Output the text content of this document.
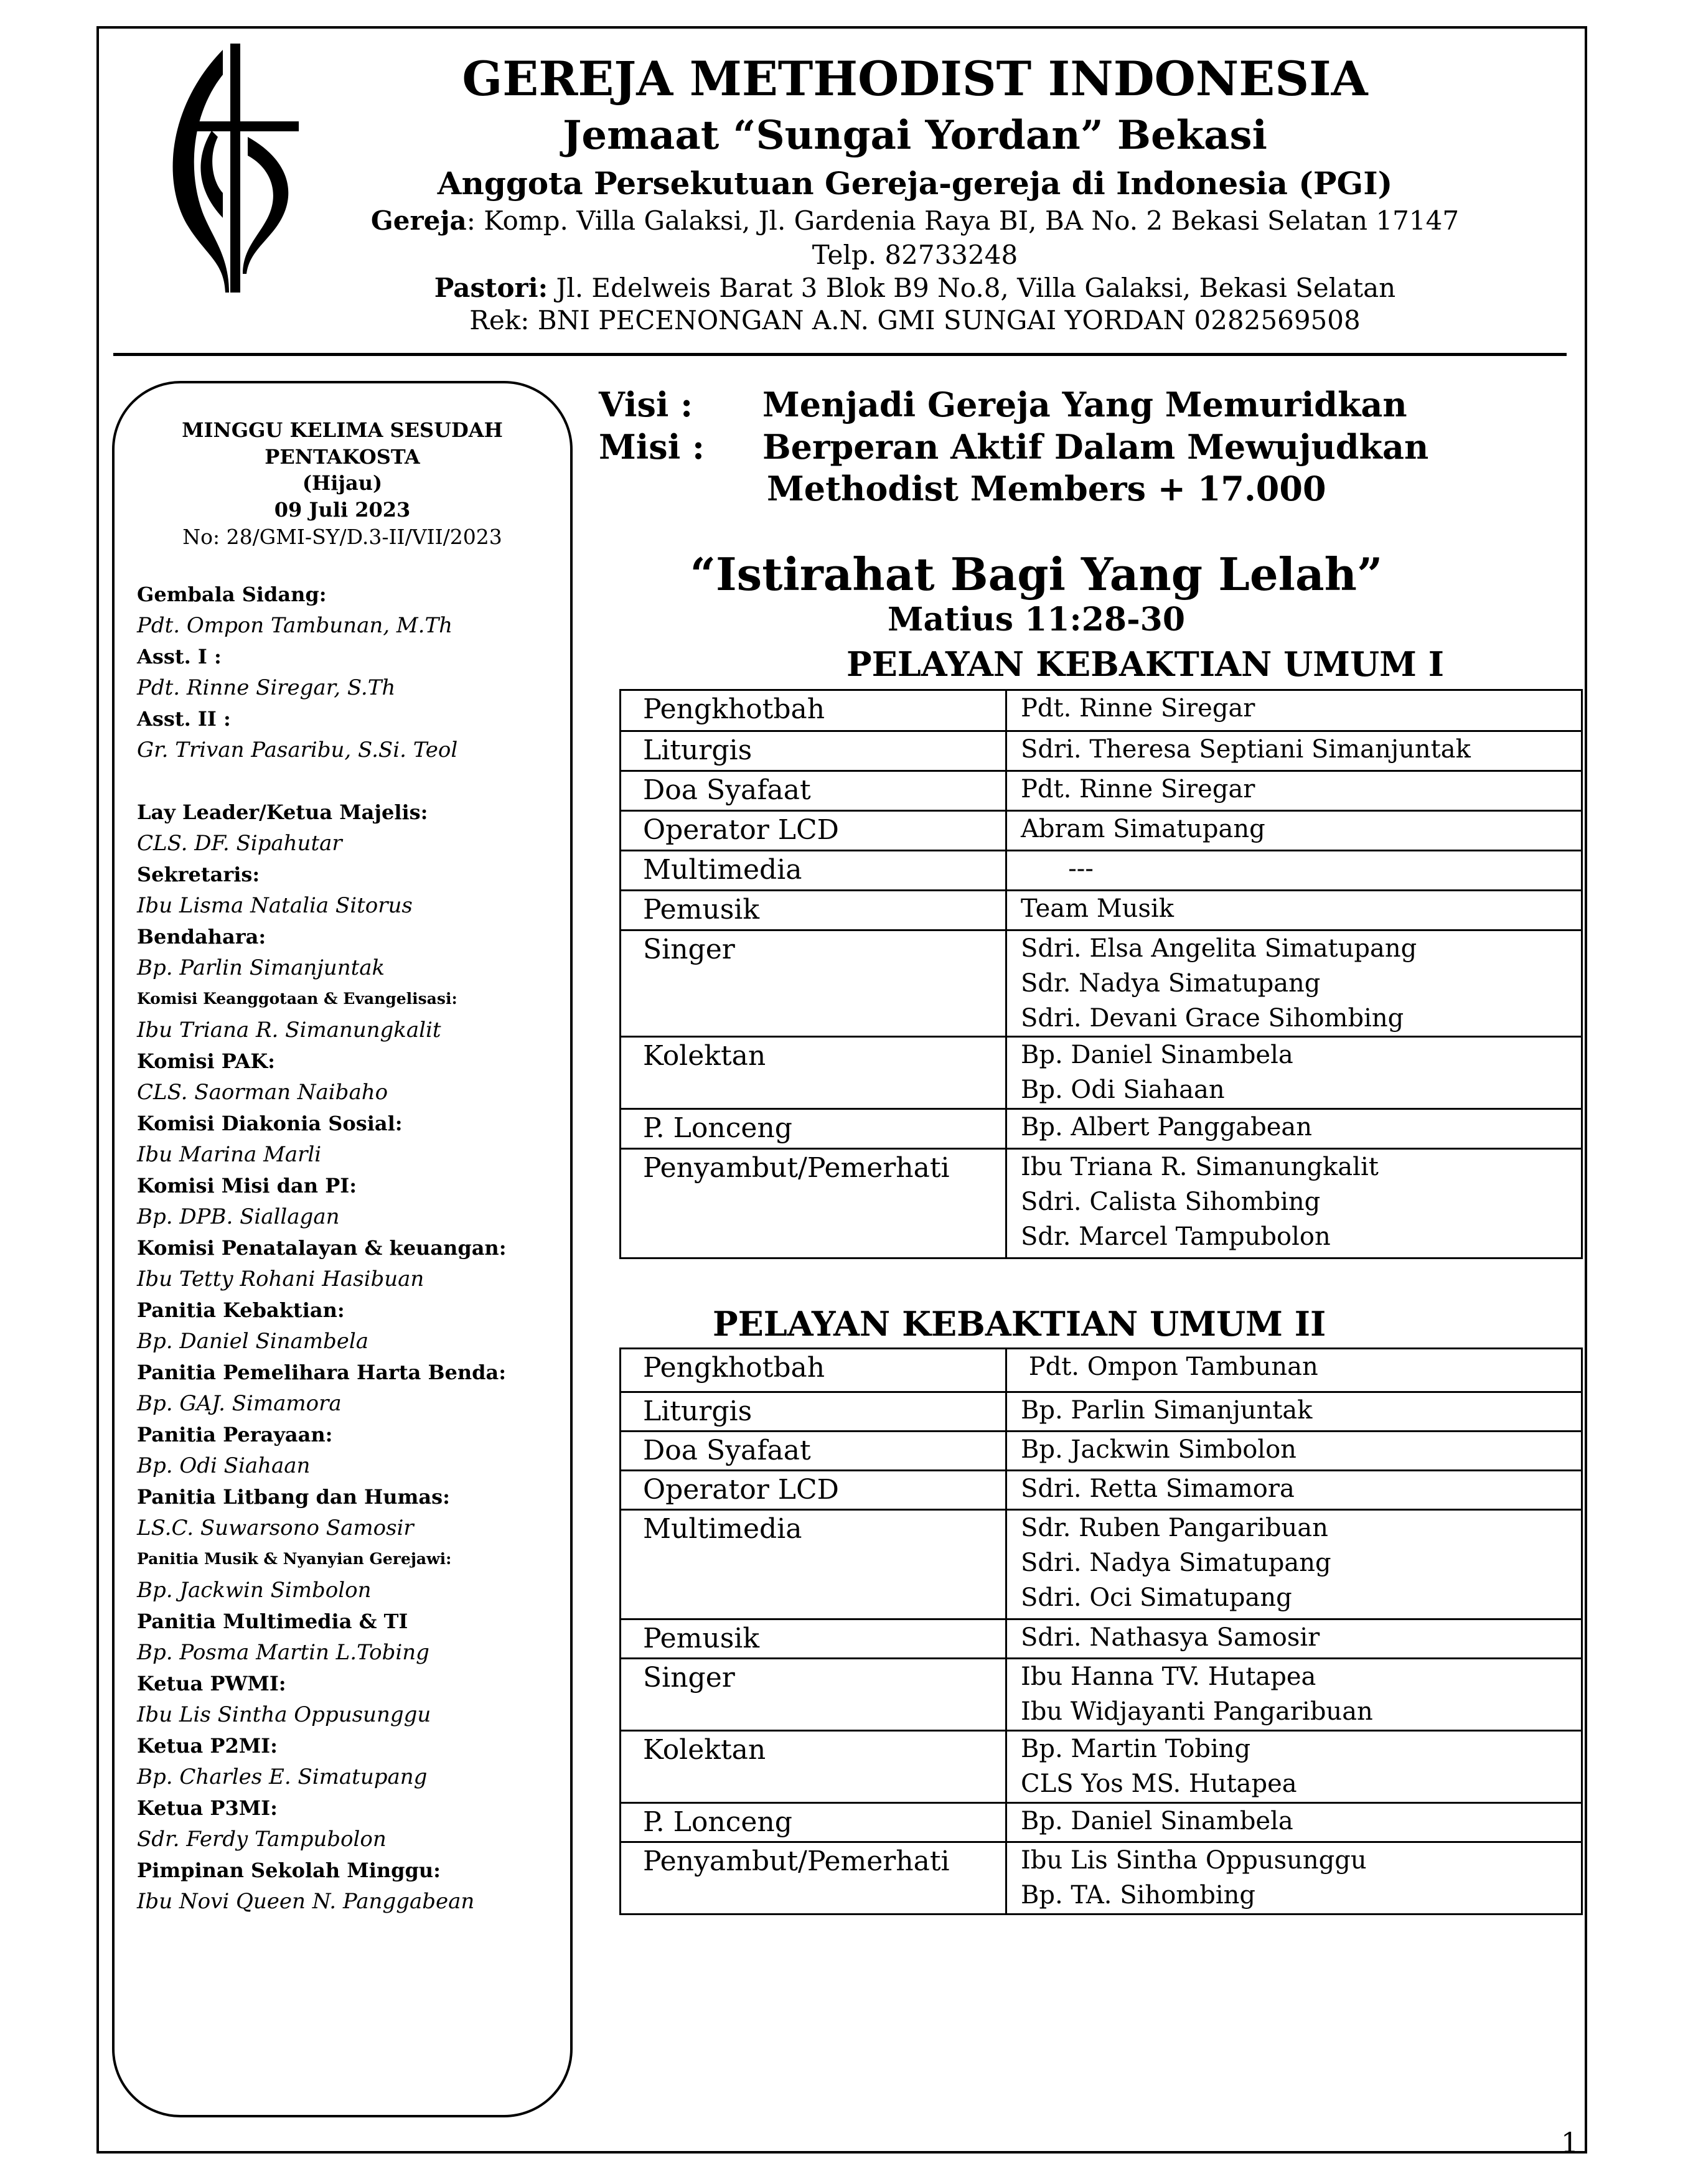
GEREJA METHODIST INDONESIA
Jemaat “Sungai Yordan” Bekasi
Anggota Persekutuan Gereja-gereja di Indonesia (PGI)
Gereja: Komp. Villa Galaksi, Jl. Gardenia Raya BI, BA No. 2 Bekasi Selatan 17147
Telp. 82733248
Pastori: Jl. Edelweis Barat 3 Blok B9 No.8, Villa Galaksi, Bekasi Selatan
Rek: BNI PECENONGAN A.N. GMI SUNGAI YORDAN 0282569508
MINGGU KELIMA SESUDAH
PENTAKOSTA
(Hijau)
09 Juli 2023
No: 28/GMI-SY/D.3-II/VII/2023
Gembala Sidang:
Pdt. Ompon Tambunan, M.Th
Asst. I :
Pdt. Rinne Siregar, S.Th
Asst. II :
Gr. Trivan Pasaribu, S.Si. Teol
Lay Leader/Ketua Majelis:
CLS. DF. Sipahutar
Sekretaris:
Ibu Lisma Natalia Sitorus
Bendahara:
Bp. Parlin Simanjuntak
Komisi Keanggotaan & Evangelisasi:
Ibu Triana R. Simanungkalit
Komisi PAK:
CLS. Saorman Naibaho
Komisi Diakonia Sosial:
Ibu Marina Marli
Komisi Misi dan PI:
Bp. DPB. Siallagan
Komisi Penatalayan & keuangan:
Ibu Tetty Rohani Hasibuan
Panitia Kebaktian:
Bp. Daniel Sinambela
Panitia Pemelihara Harta Benda:
Bp. GAJ. Simamora
Panitia Perayaan:
Bp. Odi Siahaan
Panitia Litbang dan Humas:
LS.C. Suwarsono Samosir
Panitia Musik & Nyanyian Gerejawi:
Bp. Jackwin Simbolon
Panitia Multimedia & TI
Bp. Posma Martin L.Tobing
Ketua PWMI:
Ibu Lis Sintha Oppusunggu
Ketua P2MI:
Bp. Charles E. Simatupang
Ketua P3MI:
Sdr. Ferdy Tampubolon
Pimpinan Sekolah Minggu:
Ibu Novi Queen N. Panggabean
Visi : Menjadi Gereja Yang Memuridkan
Misi : Berperan Aktif Dalam Mewujudkan
Methodist Members + 17.000
“Istirahat Bagi Yang Lelah”
Matius 11:28-30
PELAYAN KEBAKTIAN UMUM I
Pengkhotbah	Pdt. Rinne Siregar

Liturgis	Sdri. Theresa Septiani Simanjuntak

Doa Syafaat	Pdt. Rinne Siregar

Operator LCD	Abram Simatupang

Multimedia	---

Pemusik	Team Musik

Singer	Sdri. Elsa Angelita Simatupang
Sdr. Nadya Simatupang
Sdri. Devani Grace Sihombing

Kolektan	Bp. Daniel Sinambela
Bp. Odi Siahaan

P. Lonceng	Bp. Albert Panggabean

Penyambut/Pemerhati	Ibu Triana R. Simanungkalit
Sdri. Calista Sihombing
Sdr. Marcel Tampubolon
PELAYAN KEBAKTIAN UMUM II
Pengkhotbah	Pdt. Ompon Tambunan

Liturgis	Bp. Parlin Simanjuntak

Doa Syafaat	Bp. Jackwin Simbolon

Operator LCD	Sdri. Retta Simamora

Multimedia	Sdr. Ruben Pangaribuan
Sdri. Nadya Simatupang
Sdri. Oci Simatupang

Pemusik	Sdri. Nathasya Samosir

Singer	Ibu Hanna TV. Hutapea
Ibu Widjayanti Pangaribuan

Kolektan	Bp. Martin Tobing
CLS Yos MS. Hutapea

P. Lonceng	Bp. Daniel Sinambela

Penyambut/Pemerhati	Ibu Lis Sintha Oppusunggu
Bp. TA. Sihombing
1
